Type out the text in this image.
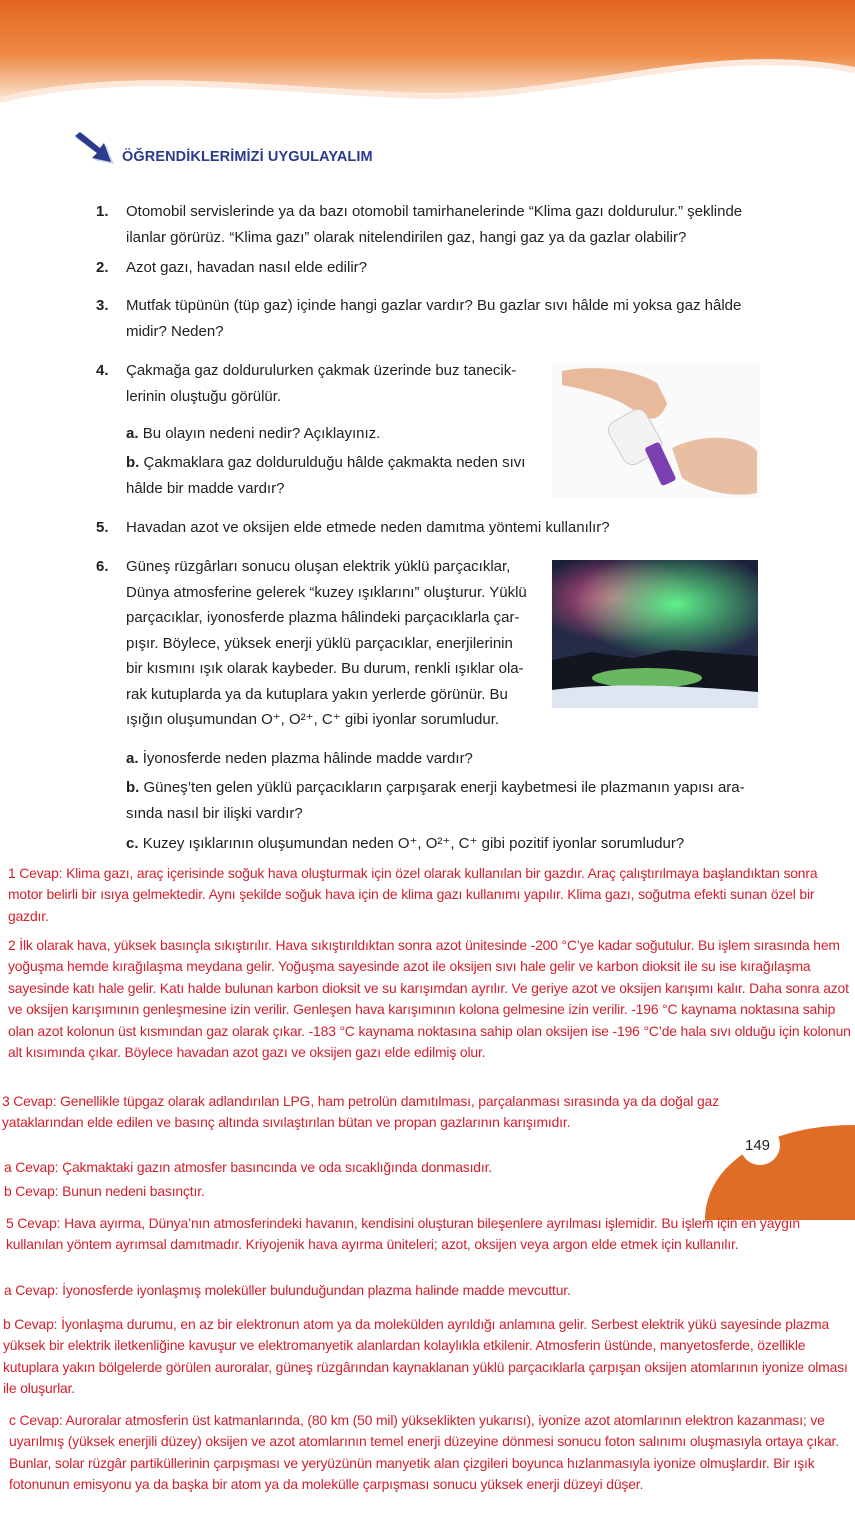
ÖĞRENDİKLERİMİZİ UYGULAYALIM
1. Otomobil servislerinde ya da bazı otomobil tamirhanelerinde “Klima gazı doldurulur.” şeklinde ilanlar görürüz. “Klima gazı” olarak nitelendirilen gaz, hangi gaz ya da gazlar olabilir?
2. Azot gazı, havadan nasıl elde edilir?
3. Mutfak tüpünün (tüp gaz) içinde hangi gazlar vardır? Bu gazlar sıvı hâlde mi yoksa gaz hâlde midir? Neden?
4. Çakmağa gaz doldurulurken çakmak üzerinde buz tanecik-lerinin oluştuğu görülür.
a. Bu olayın nedeni nedir? Açıklayınız.
b. Çakmaklara gaz doldurulduğu hâlde çakmakta neden sıvı hâlde bir madde vardır?
5. Havadan azot ve oksijen elde etmede neden damıtma yöntemi kullanılır?
6. Güneş rüzgârları sonucu oluşan elektrik yüklü parçacıklar, Dünya atmosferine gelerek “kuzey ışıklarını” oluşturur. Yüklü parçacıklar, iyonosferde plazma hâlindeki parçacıklarla çar-pışır. Böylece, yüksek enerji yüklü parçacıklar, enerjilerinin bir kısmını ışık olarak kaybeder. Bu durum, renkli ışıklar ola-rak kutuplarda ya da kutuplara yakın yerlerde görünür. Bu ışığın oluşumundan O⁺, O²⁺, C⁺ gibi iyonlar sorumludur.
a. İyonosferde neden plazma hâlinde madde vardır?
b. Güneş’ten gelen yüklü parçacıkların çarpışarak enerji kaybetmesi ile plazmanın yapısı ara-sında nasıl bir ilişki vardır?
c. Kuzey ışıklarının oluşumundan neden O⁺, O²⁺, C⁺ gibi pozitif iyonlar sorumludur?
149
1 Cevap: Klima gazı, araç içerisinde soğuk hava oluşturmak için özel olarak kullanılan bir gazdır. Araç çalıştırılmaya başlandıktan sonra motor belirli bir ısıya gelmektedir. Aynı şekilde soğuk hava için de klima gazı kullanımı yapılır. Klima gazı, soğutma efekti sunan özel bir gazdır.
2 İlk olarak hava, yüksek basınçla sıkıştırılır. Hava sıkıştırıldıktan sonra azot ünitesinde -200 °C’ye kadar soğutulur. Bu işlem sırasında hem yoğuşma hemde kırağılaşma meydana gelir. Yoğuşma sayesinde azot ile oksijen sıvı hale gelir ve karbon dioksit ile su ise kırağılaşma sayesinde katı hale gelir. Katı halde bulunan karbon dioksit ve su karışımdan ayrılır. Ve geriye azot ve oksijen karışımı kalır. Daha sonra azot ve oksijen karışımının genleşmesine izin verilir. Genleşen hava karışımının kolona gelmesine izin verilir. -196 °C kaynama noktasına sahip olan azot kolonun üst kısmından gaz olarak çıkar. -183 °C kaynama noktasına sahip olan oksijen ise -196 °C’de hala sıvı olduğu için kolonun alt kısımında çıkar. Böylece havadan azot gazı ve oksijen gazı elde edilmiş olur.
3 Cevap: Genellikle tüpgaz olarak adlandırılan LPG, ham petrolün damıtılması, parçalanması sırasında ya da doğal gaz yataklarından elde edilen ve basınç altında sıvılaştırılan bütan ve propan gazlarının karışımıdır.
a Cevap: Çakmaktaki gazın atmosfer basıncında ve oda sıcaklığında donmasıdır.
b Cevap: Bunun nedeni basınçtır.
5 Cevap: Hava ayırma, Dünya’nın atmosferindeki havanın, kendisini oluşturan bileşenlere ayrılması işlemidir. Bu işlem için en yaygın kullanılan yöntem ayrımsal damıtmadır. Kriyojenik hava ayırma üniteleri; azot, oksijen veya argon elde etmek için kullanılır.
a Cevap: İyonosferde iyonlaşmış moleküller bulunduğundan plazma halinde madde mevcuttur.
b Cevap: İyonlaşma durumu, en az bir elektronun atom ya da molekülden ayrıldığı anlamına gelir. Serbest elektrik yükü sayesinde plazma yüksek bir elektrik iletkenliğine kavuşur ve elektromanyetik alanlardan kolaylıkla etkilenir. Atmosferin üstünde, manyetosferde, özellikle kutuplara yakın bölgelerde görülen auroralar, güneş rüzgârından kaynaklanan yüklü parçacıklarla çarpışan oksijen atomlarının iyonize olması ile oluşurlar.
c Cevap: Auroralar atmosferin üst katmanlarında, (80 km (50 mil) yükseklikten yukarısı), iyonize azot atomlarının elektron kazanması; ve uyarılmış (yüksek enerjili düzey) oksijen ve azot atomlarının temel enerji düzeyine dönmesi sonucu foton salınımı oluşmasıyla ortaya çıkar. Bunlar, solar rüzgâr partiküllerinin çarpışması ve yeryüzünün manyetik alan çizgileri boyunca hızlanmasıyla iyonize olmuşlardır. Bir ışık fotonunun emisyonu ya da başka bir atom ya da molekülle çarpışması sonucu yüksek enerji düzeyi düşer.
